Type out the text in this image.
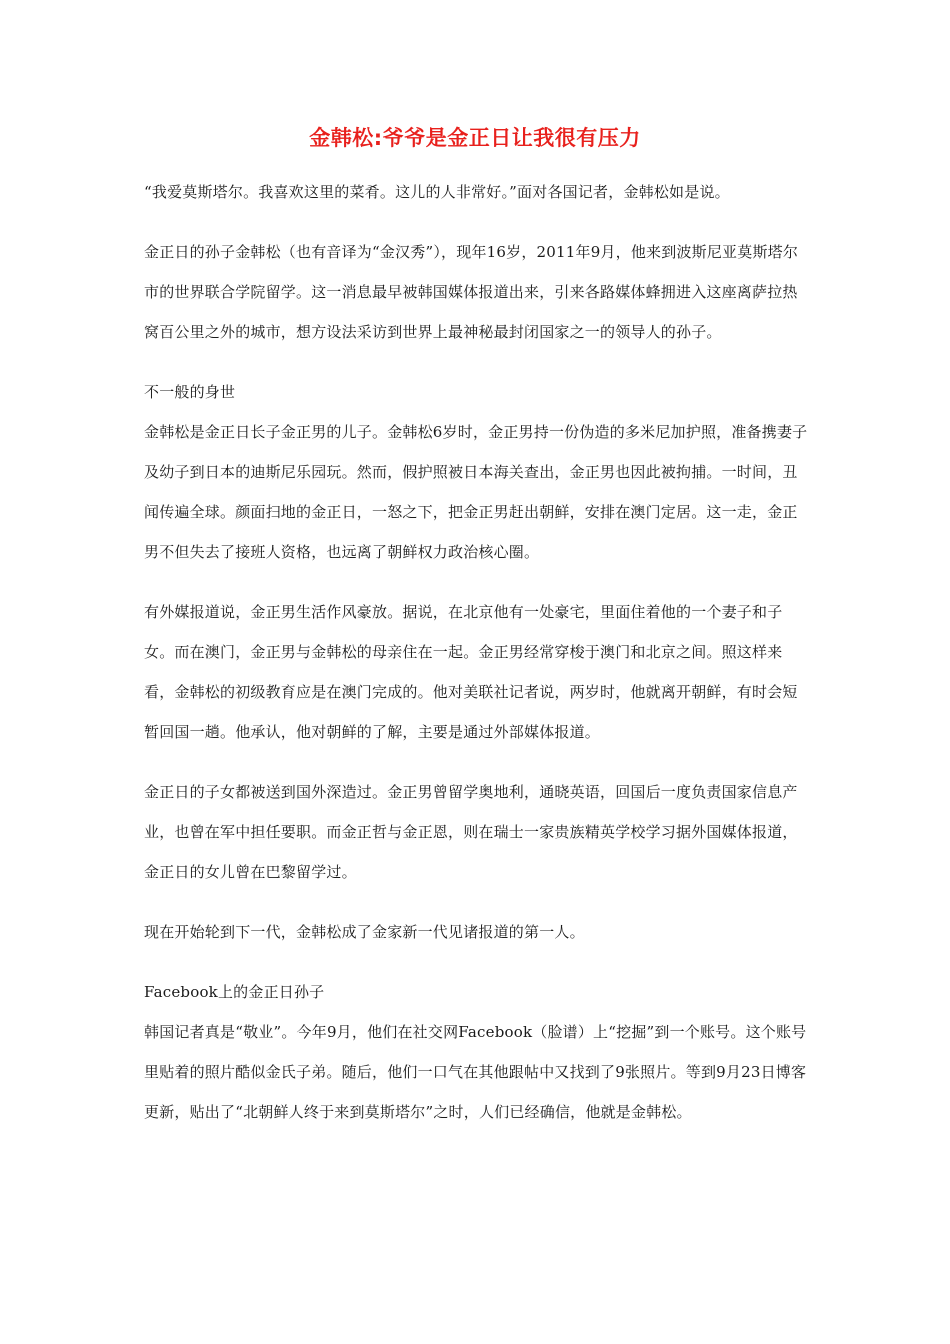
金韩松:爷爷是金正日让我很有压力

“我爱莫斯塔尔。我喜欢这里的菜肴。这儿的人非常好。”面对各国记者，金韩松如是说。

金正日的孙子金韩松（也有音译为“金汉秀”），现年16岁，2011年9月，他来到波斯尼亚莫斯塔尔市的世界联合学院留学。这一消息最早被韩国媒体报道出来，引来各路媒体蜂拥进入这座离萨拉热窝百公里之外的城市，想方设法采访到世界上最神秘最封闭国家之一的领导人的孙子。

不一般的身世

金韩松是金正日长子金正男的儿子。金韩松6岁时，金正男持一份伪造的多米尼加护照，准备携妻子及幼子到日本的迪斯尼乐园玩。然而，假护照被日本海关查出，金正男也因此被拘捕。一时间，丑闻传遍全球。颜面扫地的金正日，一怒之下，把金正男赶出朝鲜，安排在澳门定居。这一走，金正男不但失去了接班人资格，也远离了朝鲜权力政治核心圈。

有外媒报道说，金正男生活作风豪放。据说，在北京他有一处豪宅，里面住着他的一个妻子和子女。而在澳门，金正男与金韩松的母亲住在一起。金正男经常穿梭于澳门和北京之间。照这样来看，金韩松的初级教育应是在澳门完成的。他对美联社记者说，两岁时，他就离开朝鲜，有时会短暂回国一趟。他承认，他对朝鲜的了解，主要是通过外部媒体报道。

金正日的子女都被送到国外深造过。金正男曾留学奥地利，通晓英语，回国后一度负责国家信息产业，也曾在军中担任要职。而金正哲与金正恩，则在瑞士一家贵族精英学校学习据外国媒体报道，金正日的女儿曾在巴黎留学过。

现在开始轮到下一代，金韩松成了金家新一代见诸报道的第一人。

Facebook上的金正日孙子

韩国记者真是“敬业”。今年9月，他们在社交网Facebook（脸谱）上“挖掘”到一个账号。这个账号里贴着的照片酷似金氏子弟。随后，他们一口气在其他跟帖中又找到了9张照片。等到9月23日博客更新，贴出了“北朝鲜人终于来到莫斯塔尔”之时，人们已经确信，他就是金韩松。
